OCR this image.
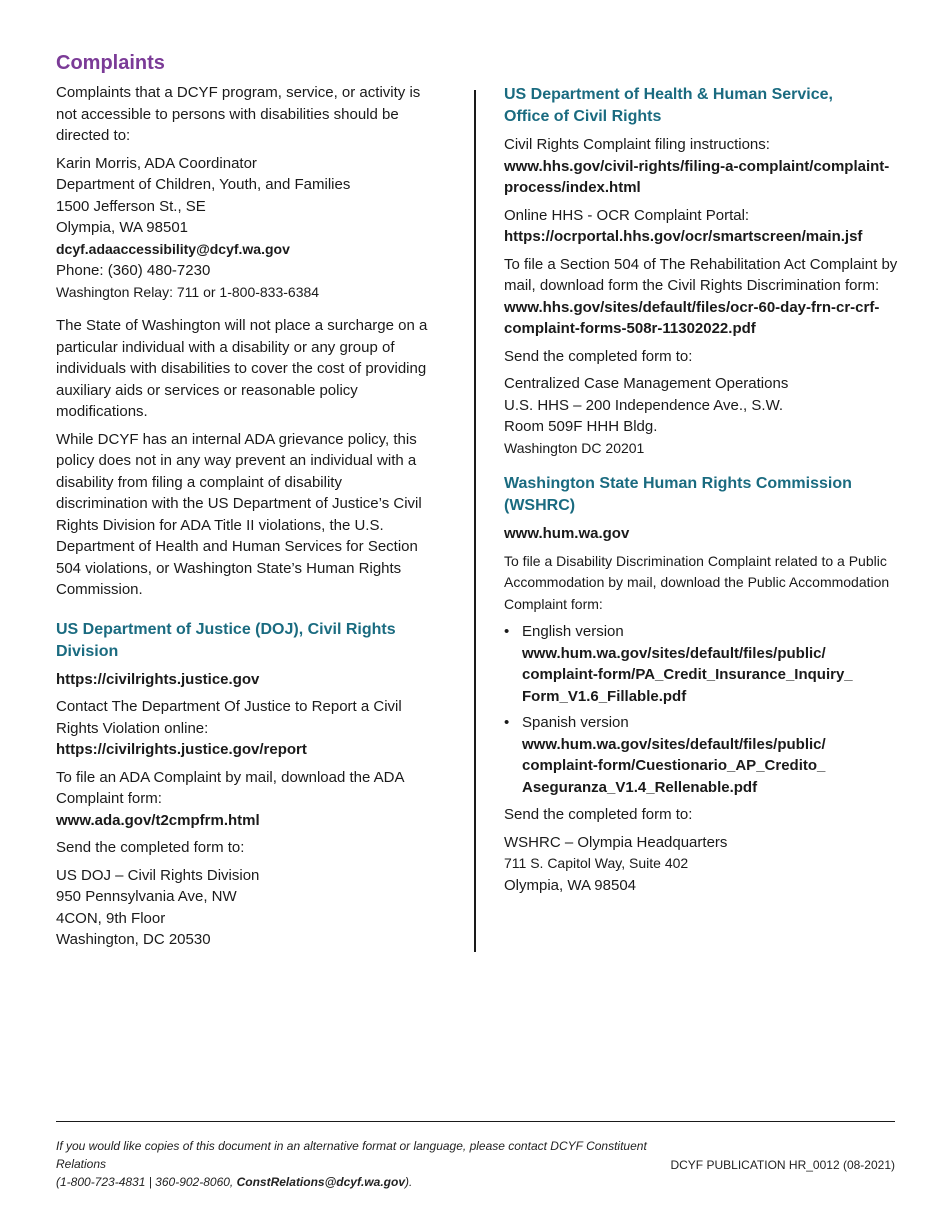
Complaints

Complaints that a DCYF program, service, or activity is not accessible to persons with disabilities should be directed to:

Karin Morris, ADA Coordinator
Department of Children, Youth, and Families
1500 Jefferson St., SE
Olympia, WA 98501
dcyf.adaaccessibility@dcyf.wa.gov
Phone: (360) 480-7230
Washington Relay: 711 or 1-800-833-6384

The State of Washington will not place a surcharge on a particular individual with a disability or any group of individuals with disabilities to cover the cost of providing auxiliary aids or services or reasonable policy modifications.

While DCYF has an internal ADA grievance policy, this policy does not in any way prevent an individual with a disability from filing a complaint of disability discrimination with the US Department of Justice’s Civil Rights Division for ADA Title II violations, the U.S. Department of Health and Human Services for Section 504 violations, or Washington State’s Human Rights Commission.

US Department of Justice (DOJ), Civil Rights Division

https://civilrights.justice.gov

Contact The Department Of Justice to Report a Civil Rights Violation online:
https://civilrights.justice.gov/report

To file an ADA Complaint by mail, download the ADA Complaint form:
www.ada.gov/t2cmpfrm.html

Send the completed form to:

US DOJ – Civil Rights Division
950 Pennsylvania Ave, NW
4CON, 9th Floor
Washington, DC 20530
US Department of Health & Human Service,
Office of Civil Rights

Civil Rights Complaint filing instructions:
www.hhs.gov/civil-rights/filing-a-complaint/complaint-process/index.html

Online HHS - OCR Complaint Portal:
https://ocrportal.hhs.gov/ocr/smartscreen/main.jsf

To file a Section 504 of The Rehabilitation Act Complaint by mail, download form the Civil Rights Discrimination form:
www.hhs.gov/sites/default/files/ocr-60-day-frn-cr-crf-complaint-forms-508r-11302022.pdf

Send the completed form to:

Centralized Case Management Operations
U.S. HHS – 200 Independence Ave., S.W.
Room 509F HHH Bldg.
Washington DC 20201
Washington State Human Rights Commission
(WSHRC)

www.hum.wa.gov

To file a Disability Discrimination Complaint related to a Public Accommodation by mail, download the Public Accommodation Complaint form:

• English version
www.hum.wa.gov/sites/default/files/public/
complaint-form/PA_Credit_Insurance_Inquiry_
Form_V1.6_Fillable.pdf
• Spanish version
www.hum.wa.gov/sites/default/files/public/
complaint-form/Cuestionario_AP_Credito_
Aseguranza_V1.4_Rellenable.pdf

Send the completed form to:

WSHRC – Olympia Headquarters
711 S. Capitol Way, Suite 402
Olympia, WA 98504
If you would like copies of this document in an alternative format or language, please contact DCYF Constituent Relations
(1-800-723-4831 | 360-902-8060, ConstRelations@dcyf.wa.gov).
DCYF PUBLICATION HR_0012 (08-2021)
